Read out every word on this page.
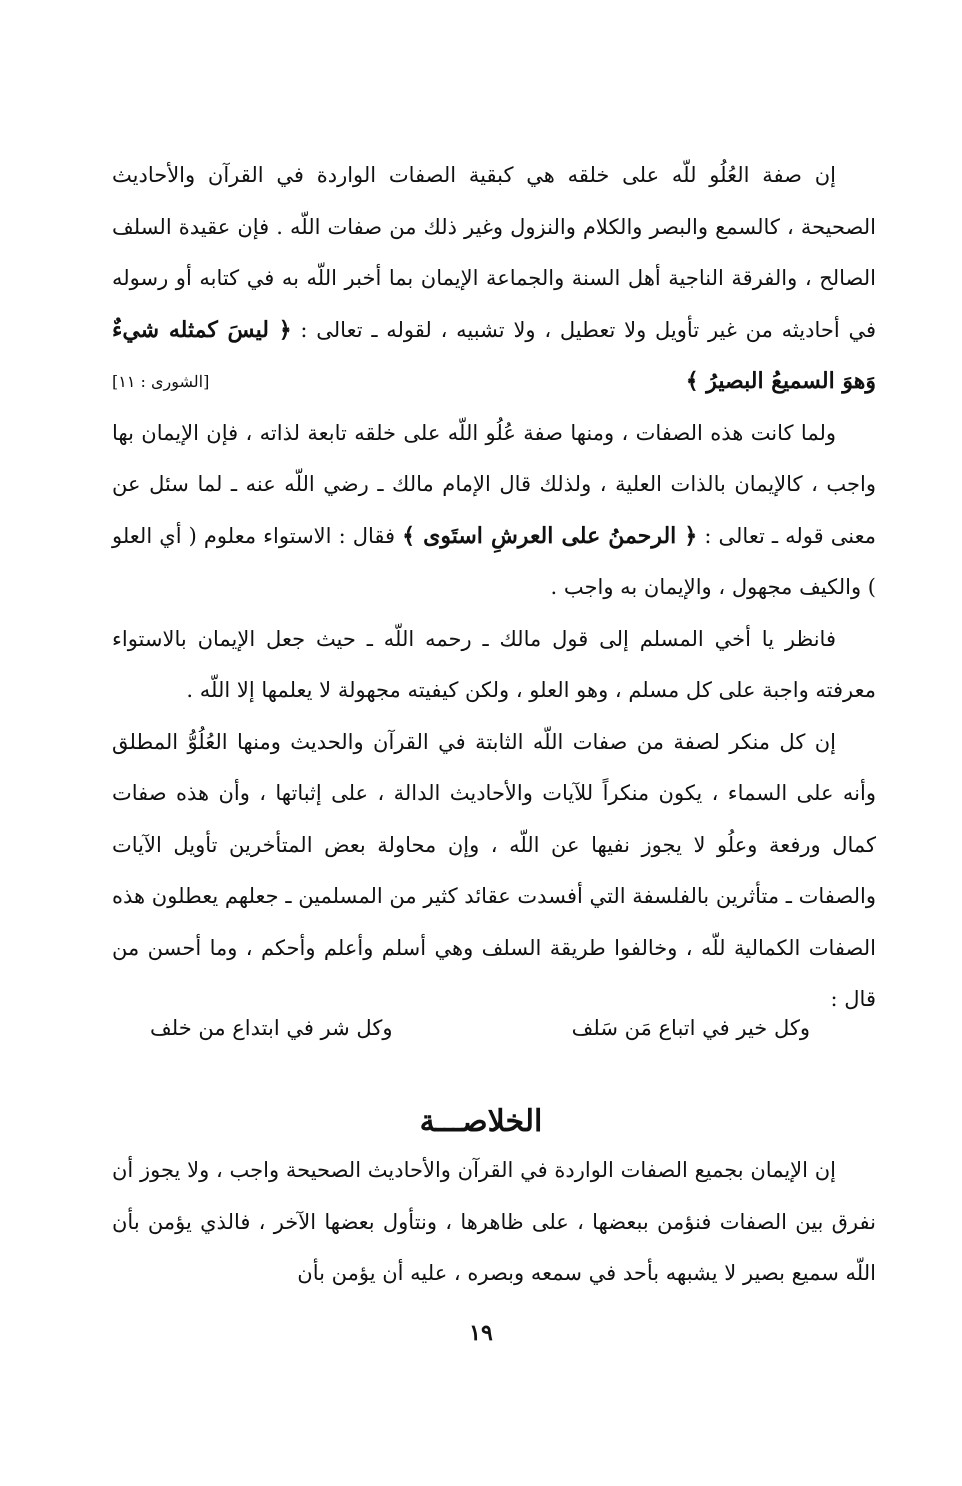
إن صفة العُلُو للّه على خلقه هي كبقية الصفات الواردة في القرآن والأحاديث الصحيحة ، كالسمع والبصر والكلام والنزول وغير ذلك من صفات اللّه . فإن عقيدة السلف الصالح ، والفرقة الناجية أهل السنة والجماعة الإيمان بما أخبر اللّه به في كتابه أو رسوله في أحاديثه من غير تأويل ولا تعطيل ، ولا تشبيه ، لقوله ـ تعالى : ﴿ ليسَ كمثله شيءٌ وَهوَ السميعُ البصيرُ ﴾
[الشورى : ١١]

ولما كانت هذه الصفات ، ومنها صفة عُلُو اللّه على خلقه تابعة لذاته ، فإن الإيمان بها واجب ، كالإيمان بالذات العلية ، ولذلك قال الإمام مالك ـ رضي اللّه عنه ـ لما سئل عن معنى قوله ـ تعالى : ﴿ الرحمنُ على العرشِ استَوى ﴾ فقال : الاستواء معلوم ( أي العلو ) والكيف مجهول ، والإيمان به واجب .

فانظر يا أخي المسلم إلى قول مالك ـ رحمه اللّه ـ حيث جعل الإيمان بالاستواء معرفته واجبة على كل مسلم ، وهو العلو ، ولكن كيفيته مجهولة لا يعلمها إلا اللّه .

إن كل منكر لصفة من صفات اللّه الثابتة في القرآن والحديث ومنها العُلُوُّ المطلق وأنه على السماء ، يكون منكراً للآيات والأحاديث الدالة ، على إثباتها ، وأن هذه صفات كمال ورفعة وعلُو لا يجوز نفيها عن اللّه ، وإن محاولة بعض المتأخرين تأويل الآيات والصفات ـ متأثرين بالفلسفة التي أفسدت عقائد كثير من المسلمين ـ جعلهم يعطلون هذه الصفات الكمالية للّه ، وخالفوا طريقة السلف وهي أسلم وأعلم وأحكم ، وما أحسن من قال :

وكل خير في اتباع مَن سَلف
وكل شر في ابتداع من خلف
الخلاصـــة

إن الإيمان بجميع الصفات الواردة في القرآن والأحاديث الصحيحة واجب ، ولا يجوز أن نفرق بين الصفات فنؤمن ببعضها ، على ظاهرها ، ونتأول بعضها الآخر ، فالذي يؤمن بأن اللّه سميع بصير لا يشبهه بأحد في سمعه وبصره ، عليه أن يؤمن بأن

١٩
